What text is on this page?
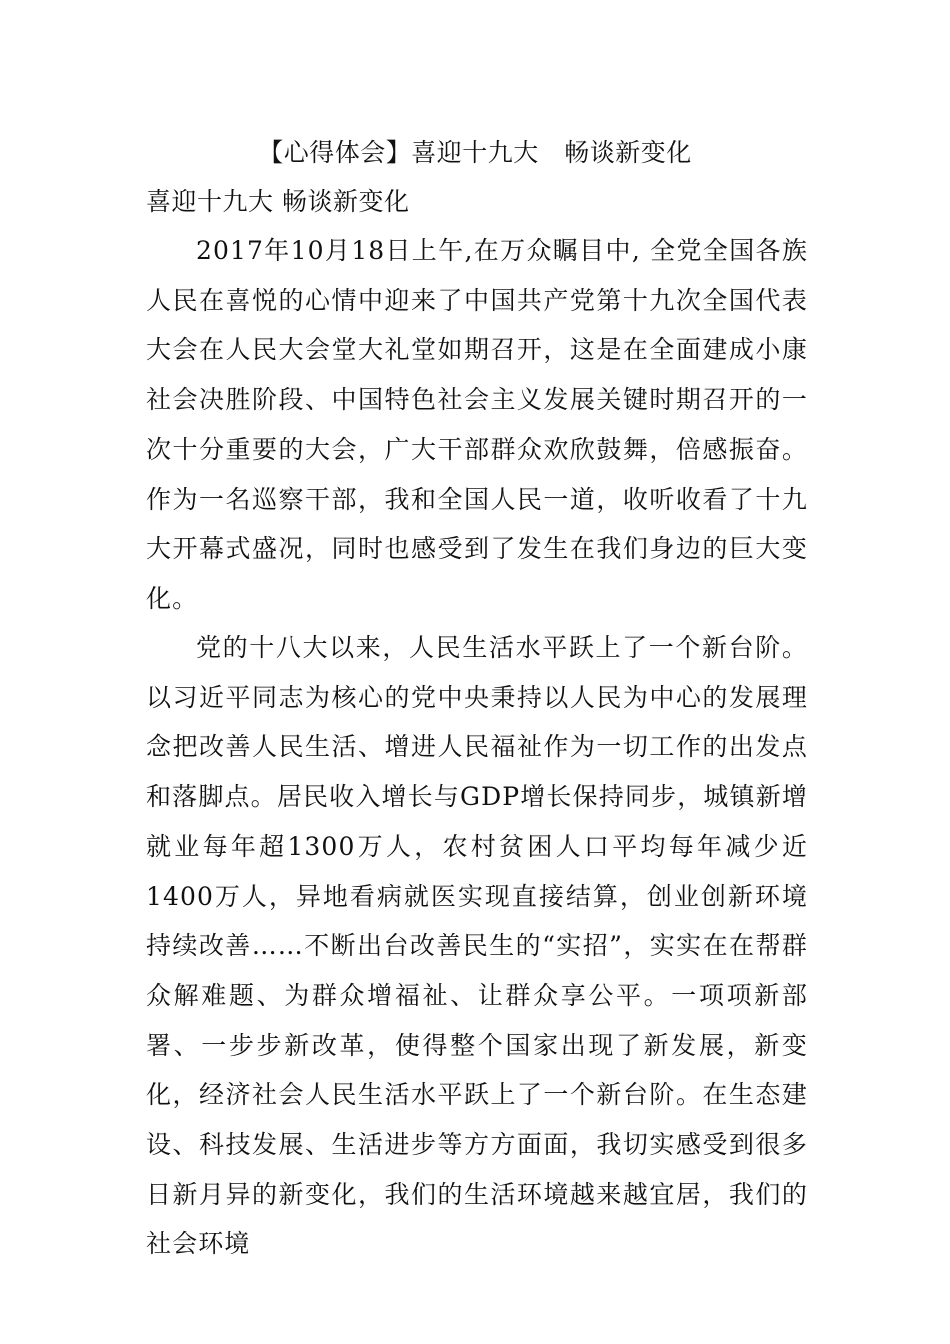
【心得体会】喜迎十九大　畅谈新变化
喜迎十九大 畅谈新变化

2017年10月18日上午,在万众瞩目中, 全党全国各族人民在喜悦的心情中迎来了中国共产党第十九次全国代表大会在人民大会堂大礼堂如期召开，这是在全面建成小康社会决胜阶段、中国特色社会主义发展关键时期召开的一次十分重要的大会，广大干部群众欢欣鼓舞，倍感振奋。作为一名巡察干部，我和全国人民一道，收听收看了十九大开幕式盛况，同时也感受到了发生在我们身边的巨大变化。

党的十八大以来，人民生活水平跃上了一个新台阶。以习近平同志为核心的党中央秉持以人民为中心的发展理念把改善人民生活、增进人民福祉作为一切工作的出发点和落脚点。居民收入增长与GDP增长保持同步，城镇新增就业每年超1300万人，农村贫困人口平均每年减少近1400万人，异地看病就医实现直接结算，创业创新环境持续改善……不断出台改善民生的“实招”，实实在在帮群众解难题、为群众增福祉、让群众享公平。一项项新部署、一步步新改革，使得整个国家出现了新发展，新变化，经济社会人民生活水平跃上了一个新台阶。在生态建设、科技发展、生活进步等方方面面，我切实感受到很多日新月异的新变化，我们的生活环境越来越宜居，我们的社会环境
